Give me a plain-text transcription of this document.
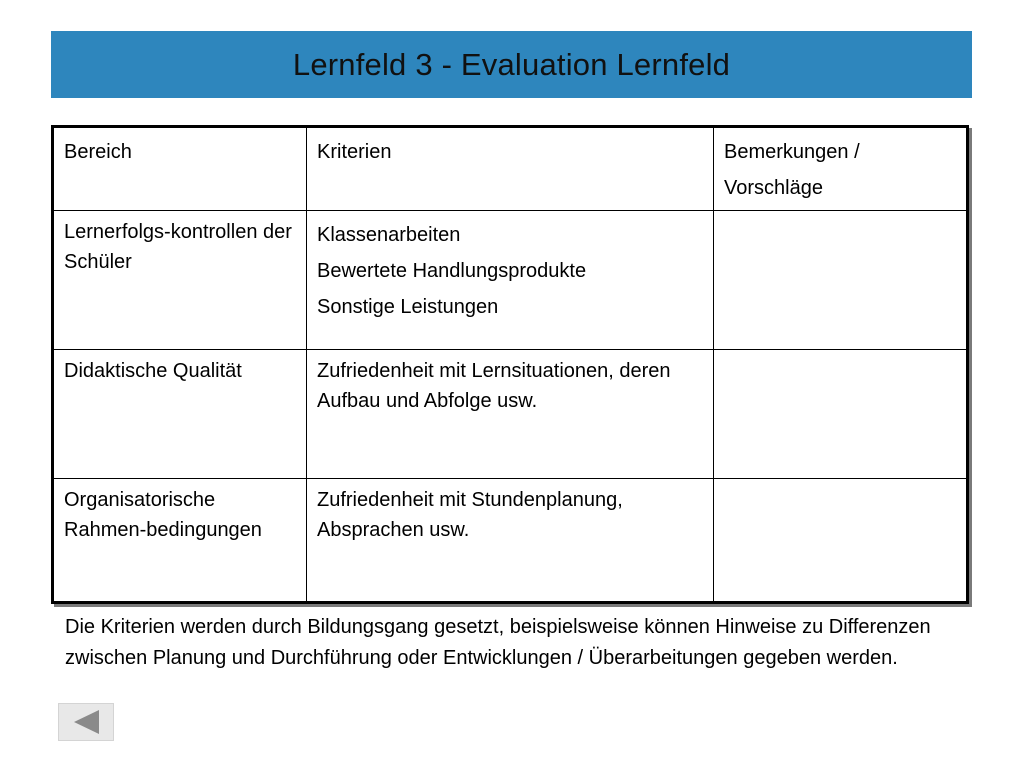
Lernfeld 3 - Evaluation Lernfeld
Bereich	Kriterien	Bemerkungen /
Vorschläge

Lernerfolgs-kontrollen der Schüler	Klassenarbeiten
Bewertete Handlungsprodukte
Sonstige Leistungen	

Didaktische Qualität	Zufriedenheit mit Lernsituationen, deren Aufbau und Abfolge usw.	
Organisatorische Rahmen-bedingungen	Zufriedenheit mit Stundenplanung, Absprachen usw.	
Die Kriterien werden durch Bildungsgang gesetzt, beispielsweise können Hinweise zu Differenzen zwischen Planung und Durchführung oder Entwicklungen / Überarbeitungen gegeben werden.
